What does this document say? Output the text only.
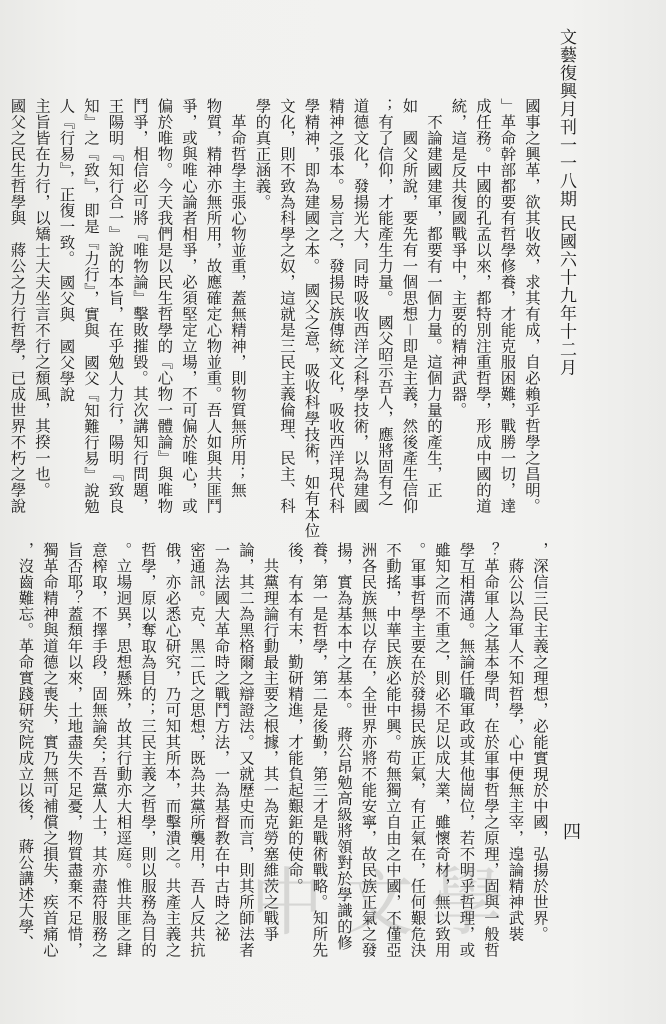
文藝復興月刊一一八期 民國六十九年十二月
四

國事之興革，欲其收效，求其有成，自必賴乎哲學之昌明。

」革命幹部都要有哲學修養，才能克服困難，戰勝一切，達

成任務。中國的孔孟以來，都特別注重哲學，形成中國的道

統，這是反共復國戰爭中，主要的精神武器。

　不論建國建軍，都要有一個力量。這個力量的產生，正

如　國父所說，要先有一個思想－即是主義，然後產生信仰

；有了信仰，才能產生力量。　國父昭示吾人，應將固有之

道德文化，發揚光大，同時吸收西洋之科學技術，以為建國

精神之張本。易言之，發揚民族傳統文化，吸收西洋現代科

學精神，即為建國之本。　國父之意，吸收科學技術，如有本位

文化，則不致為科學之奴，這就是三民主義倫理、民主、科

學的真正涵義。

　革命哲學主張心物並重，蓋無精神，則物質無所用；無

物質，精神亦無所用，故應確定心物並重。吾人如與共匪鬥

爭，或與唯心論者相爭，必須堅定立場，不可偏於唯心，或

偏於唯物。今天我們是以民生哲學的『心物一體論』與唯物

鬥爭，相信必可將『唯物論』擊敗摧毀。其次講知行問題，

王陽明『知行合一』說的本旨，在乎勉人力行，陽明『致良

知』之『致』，即是『力行』，實與　國父『知難行易』說勉

人『行易』，正復一致。　國父與　國父學說

主旨皆在力行，以矯士大夫坐言不行之頹風，其揆一也。

國父之民生哲學與　蔣公之力行哲學，已成世界不朽之學說

，深信三民主義之理想，必能實現於中國，弘揚於世界。

　蔣公以為軍人不知哲學，心中便無主宰，遑論精神武裝

？革命軍人之基本學問，在於軍事哲學之原理，固與一般哲

學互相溝通。無論任職軍政或其他崗位，若不明乎哲理，或

雖知之而不重之，則必不足以成大業，雖懷奇材，無以致用

。軍事哲學主要在於發揚民族正氣，有正氣在，任何艱危決

不動搖，中華民族必能中興。苟無獨立自由之中國，不僅亞

洲各民族無以存在，全世界亦將不能安寧，故民族正氣之發

揚，實為基本中之基本。　蔣公昂勉高級將領對於學識的修

養，第一是哲學，第二是後勤，第三才是戰術戰略。知所先

後，有本有末，勤研精進，才能負起艱鉅的使命。

　共黨理論行動最主要之根據，其一為克勞塞維茨之戰爭

論，其二為黑格爾之辯證法。又就歷史而言，則其所師法者

一為法國大革命時之戰鬥方法，一為基督教在中古時之祕

密通訊。克、黑二氏之思想，既為共黨所襲用，吾人反共抗

俄，亦必悉心研究，乃可知其所本，而擊潰之。共產主義之

哲學，原以奪取為目的；三民主義之哲學，則以服務為目的

。立場迥異，思想懸殊，故其行動亦大相逕庭。惟共匪之肆

意榨取，不擇手段，固無論矣；吾黨人士，其亦盡符服務之

旨否耶？蓋頹年以來，土地盡失不足憂，物質盡棄不足惜，

獨革命精神與道德之喪失，實乃無可補償之損失，疾首痛心

，沒齒難忘。革命實踐研究院成立以後，　蔣公講述大學、	中文學
